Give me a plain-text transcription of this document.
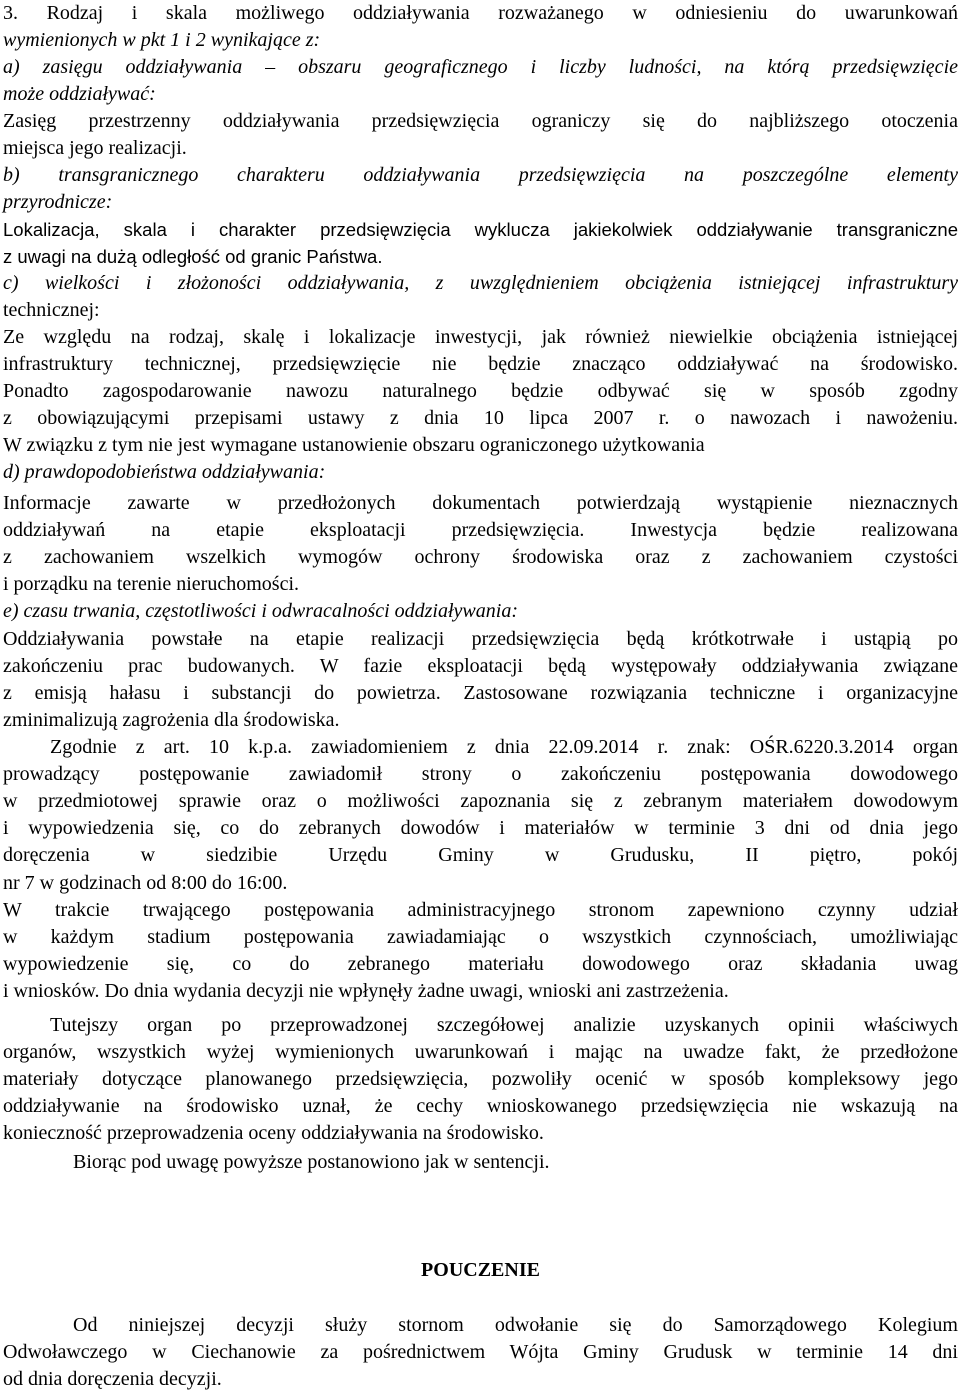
3. Rodzaj i skala możliwego oddziaływania rozważanego w odniesieniu do uwarunkowań
wymienionych w pkt 1 i 2 wynikające z:
a) zasięgu oddziaływania – obszaru geograficznego i liczby ludności, na którą przedsięwzięcie
może oddziaływać:
Zasięg przestrzenny oddziaływania przedsięwzięcia ograniczy się do najbliższego otoczenia
miejsca jego realizacji.
b) transgranicznego charakteru oddziaływania przedsięwzięcia na poszczególne elementy
przyrodnicze:
Lokalizacja, skala i charakter przedsięwzięcia wyklucza jakiekolwiek oddziaływanie transgraniczne
z uwagi na dużą odległość od granic Państwa.
c) wielkości i złożoności oddziaływania, z uwzględnieniem obciążenia istniejącej infrastruktury
technicznej:
Ze względu na rodzaj, skalę i lokalizacje inwestycji, jak również niewielkie obciążenia istniejącej
infrastruktury technicznej, przedsięwzięcie nie będzie znacząco oddziaływać na środowisko.
Ponadto zagospodarowanie nawozu naturalnego będzie odbywać się w sposób zgodny
z obowiązującymi przepisami ustawy z dnia 10 lipca 2007 r. o nawozach i nawożeniu.
W związku z tym nie jest wymagane ustanowienie obszaru ograniczonego użytkowania
d) prawdopodobieństwa oddziaływania:
Informacje zawarte w przedłożonych dokumentach potwierdzają wystąpienie nieznacznych
oddziaływań na etapie eksploatacji przedsięwzięcia. Inwestycja będzie realizowana
z zachowaniem wszelkich wymogów ochrony środowiska oraz z zachowaniem czystości
i porządku na terenie nieruchomości.
e) czasu trwania, częstotliwości i odwracalności oddziaływania:
Oddziaływania powstałe na etapie realizacji przedsięwzięcia będą krótkotrwałe i ustąpią po
zakończeniu prac budowanych. W fazie eksploatacji będą występowały oddziaływania związane
z emisją hałasu i substancji do powietrza. Zastosowane rozwiązania techniczne i organizacyjne
zminimalizują zagrożenia dla środowiska.
Zgodnie z art. 10 k.p.a. zawiadomieniem z dnia 22.09.2014 r. znak: OŚR.6220.3.2014 organ
prowadzący postępowanie zawiadomił strony o zakończeniu postępowania dowodowego
w przedmiotowej sprawie oraz o możliwości zapoznania się z zebranym materiałem dowodowym
i wypowiedzenia się, co do zebranych dowodów i materiałów w terminie 3 dni od dnia jego
doręczenia w siedzibie Urzędu Gminy w Grudusku, II piętro, pokój
nr 7 w godzinach od 8:00 do 16:00.
W trakcie trwającego postępowania administracyjnego stronom zapewniono czynny udział
w każdym stadium postępowania zawiadamiając o wszystkich czynnościach, umożliwiając
wypowiedzenie się, co do zebranego materiału dowodowego oraz składania uwag
i wniosków. Do dnia wydania decyzji nie wpłynęły żadne uwagi, wnioski ani zastrzeżenia.
Tutejszy organ po przeprowadzonej szczegółowej analizie uzyskanych opinii właściwych
organów, wszystkich wyżej wymienionych uwarunkowań i mając na uwadze fakt, że przedłożone
materiały dotyczące planowanego przedsięwzięcia, pozwoliły ocenić w sposób kompleksowy jego
oddziaływanie na środowisko uznał, że cechy wnioskowanego przedsięwzięcia nie wskazują na
konieczność przeprowadzenia oceny oddziaływania na środowisko.
Biorąc pod uwagę powyższe postanowiono jak w sentencji.
POUCZENIE
Od niniejszej decyzji służy stornom odwołanie się do Samorządowego Kolegium
Odwoławczego w Ciechanowie za pośrednictwem Wójta Gminy Grudusk w terminie 14 dni
od dnia doręczenia decyzji.
